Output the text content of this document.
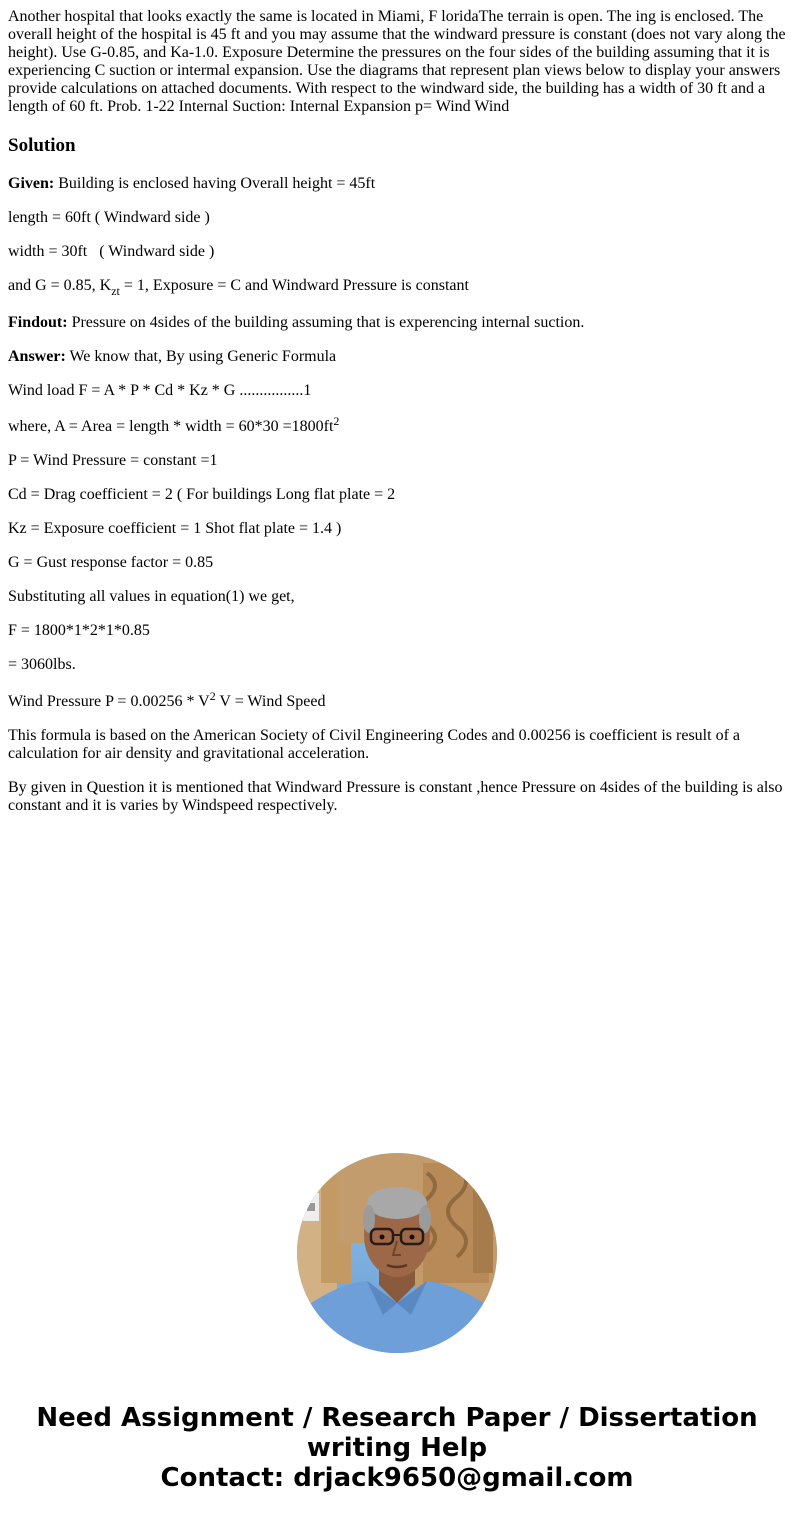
Another hospital that looks exactly the same is located in Miami, F loridaThe terrain is open. The ing is enclosed. The overall height of the hospital is 45 ft and you may assume that the windward pressure is constant (does not vary along the height). Use G-0.85, and Ka-1.0. Exposure Determine the pressures on the four sides of the building assuming that it is experiencing C suction or intermal expansion. Use the diagrams that represent plan views below to display your answers provide calculations on attached documents. With respect to the windward side, the building has a width of 30 ft and a length of 60 ft. Prob. 1-22 Internal Suction: Internal Expansion p= Wind Wind

Solution

Given: Building is enclosed having Overall height = 45ft

length = 60ft ( Windward side )

width = 30ft   ( Windward side )

and G = 0.85, $K_{zt} = 1$, Exposure = C and Windward Pressure is constant

Findout: Pressure on 4sides of the building assuming that is experencing internal suction.

Answer: We know that, By using Generic Formula

Wind load F = A * P * Cd * Kz * G ................1

where, A = Area = length * width = $60*30 =1800ft^2$

P = Wind Pressure = constant =1

Cd = Drag coefficient = 2 ( For buildings Long flat plate = 2

Kz = Exposure coefficient = 1 Shot flat plate = 1.4 )

G = Gust response factor = 0.85

Substituting all values in equation(1) we get,

F = 1800*1*2*1*0.85

= 3060lbs.

Wind Pressure $P = 0.00256 * V^2$ V = Wind Speed

This formula is based on the American Society of Civil Engineering Codes and 0.00256 is coefficient is result of a calculation for air density and gravitational acceleration.

By given in Question it is mentioned that Windward Pressure is constant ,hence Pressure on 4sides of the building is also constant and it is varies by Windspeed respectively.

Need Assignment / Research Paper / Dissertation
writing Help
Contact: drjack9650@gmail.com
